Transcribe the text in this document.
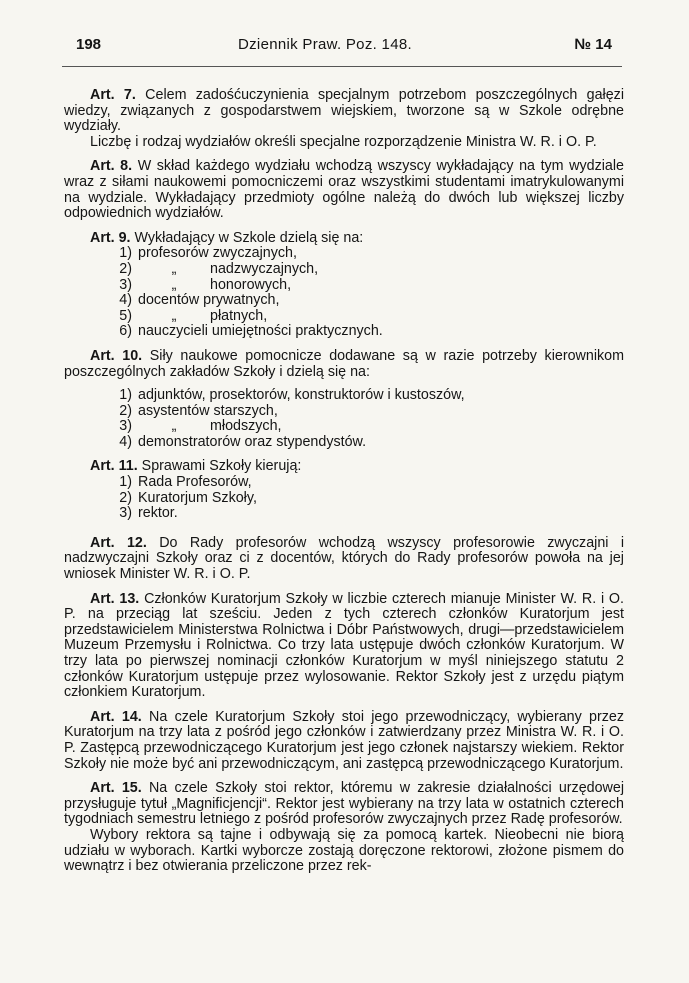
198	Dziennik Praw. Poz. 148.	№ 14

Art. 7. Celem zadośćuczynienia specjalnym potrzebom poszczególnych gałęzi wiedzy, związanych z gospodarstwem wiejskiem, tworzone są w Szkole odrębne wydziały.

Liczbę i rodzaj wydziałów określi specjalne rozporządzenie Ministra W. R. i O. P.

Art. 8. W skład każdego wydziału wchodzą wszyscy wykładający na tym wydziale wraz z siłami naukowemi pomocniczemi oraz wszystkimi studentami imatrykulowanymi na wydziale. Wykładający przedmioty ogólne należą do dwóch lub większej liczby odpowiednich wydziałów.

Art. 9. Wykładający w Szkole dzielą się na:

1) profesorów zwyczajnych,
2)	„ nadzwyczajnych,
3)	„ honorowych,
4) docentów prywatnych,
5)	„ płatnych,
6) nauczycieli umiejętności praktycznych.

Art. 10. Siły naukowe pomocnicze dodawane są w razie potrzeby kierownikom poszczególnych zakładów Szkoły i dzielą się na:

1) adjunktów, prosektorów, konstruktorów i kustoszów,
2) asystentów starszych,
3)	„ młodszych,
4) demonstratorów oraz stypendystów.

Art. 11. Sprawami Szkoły kierują:

1) Rada Profesorów,
2) Kuratorjum Szkoły,
3) rektor.

Art. 12. Do Rady profesorów wchodzą wszyscy profesorowie zwyczajni i nadzwyczajni Szkoły oraz ci z docentów, których do Rady profesorów powoła na jej wniosek Minister W. R. i O. P.

Art. 13. Członków Kuratorjum Szkoły w liczbie czterech mianuje Minister W. R. i O. P. na przeciąg lat sześciu. Jeden z tych czterech członków Kuratorjum jest przedstawicielem Ministerstwa Rolnictwa i Dóbr Państwowych, drugi—przedstawicielem Muzeum Przemysłu i Rolnictwa. Co trzy lata ustępuje dwóch członków Kuratorjum. W trzy lata po pierwszej nominacji członków Kuratorjum w myśl niniejszego statutu 2 członków Kuratorjum ustępuje przez wylosowanie. Rektor Szkoły jest z urzędu piątym członkiem Kuratorjum.

Art. 14. Na czele Kuratorjum Szkoły stoi jego przewodniczący, wybierany przez Kuratorjum na trzy lata z pośród jego członków i zatwierdzany przez Ministra W. R. i O. P. Zastępcą przewodniczącego Kuratorjum jest jego członek najstarszy wiekiem. Rektor Szkoły nie może być ani przewodniczącym, ani zastępcą przewodniczącego Kuratorjum.

Art. 15. Na czele Szkoły stoi rektor, któremu w zakresie działalności urzędowej przysługuje tytuł „Magnificjencji“. Rektor jest wybierany na trzy lata w ostatnich czterech tygodniach semestru letniego z pośród profesorów zwyczajnych przez Radę profesorów.

Wybory rektora są tajne i odbywają się za pomocą kartek. Nieobecni nie biorą udziału w wyborach. Kartki wyborcze zostają doręczone rektorowi, złożone pismem do wewnątrz i bez otwierania przeliczone przez rek-
